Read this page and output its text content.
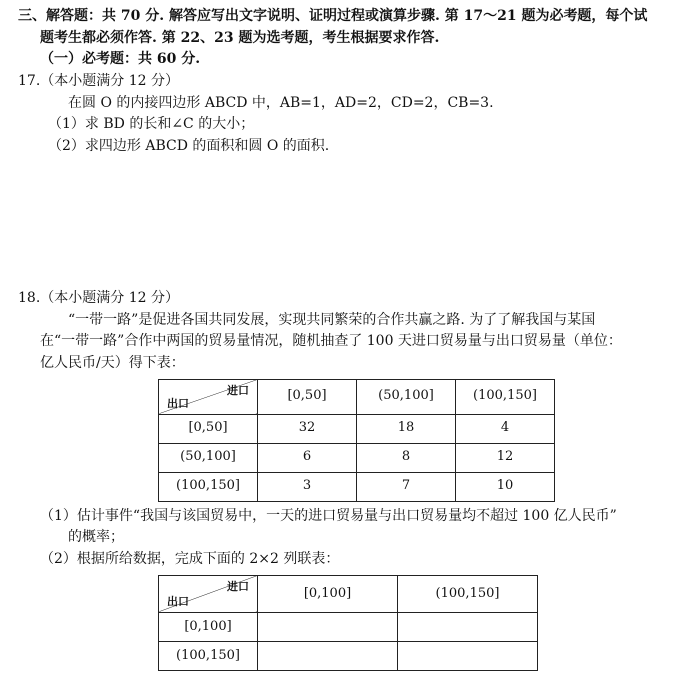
三、解答题：共 70 分. 解答应写出文字说明、证明过程或演算步骤. 第 17～21 题为必考题，每个试
题考生都必须作答. 第 22、23 题为选考题，考生根据要求作答.
（一）必考题：共 60 分.
17.（本小题满分 12 分）
在圆 O 的内接四边形 ABCD 中，AB=1，AD=2，CD=2，CB=3.
（1）求 BD 的长和∠C 的大小；
（2）求四边形 ABCD 的面积和圆 O 的面积.
18.（本小题满分 12 分）
“一带一路”是促进各国共同发展，实现共同繁荣的合作共赢之路. 为了了解我国与某国
在“一带一路”合作中两国的贸易量情况，随机抽查了 100 天进口贸易量与出口贸易量（单位：
亿人民币/天）得下表：
进口
出口	[0,50]	(50,100]	(100,150]
[0,50]	32	18	4
(50,100]	6	8	12
(100,150]	3	7	10
（1）估计事件“我国与该国贸易中，一天的进口贸易量与出口贸易量均不超过 100 亿人民币”
的概率；
（2）根据所给数据，完成下面的 2×2 列联表：
进口
出口	[0,100]	(100,150]
[0,100]		
(100,150]		
